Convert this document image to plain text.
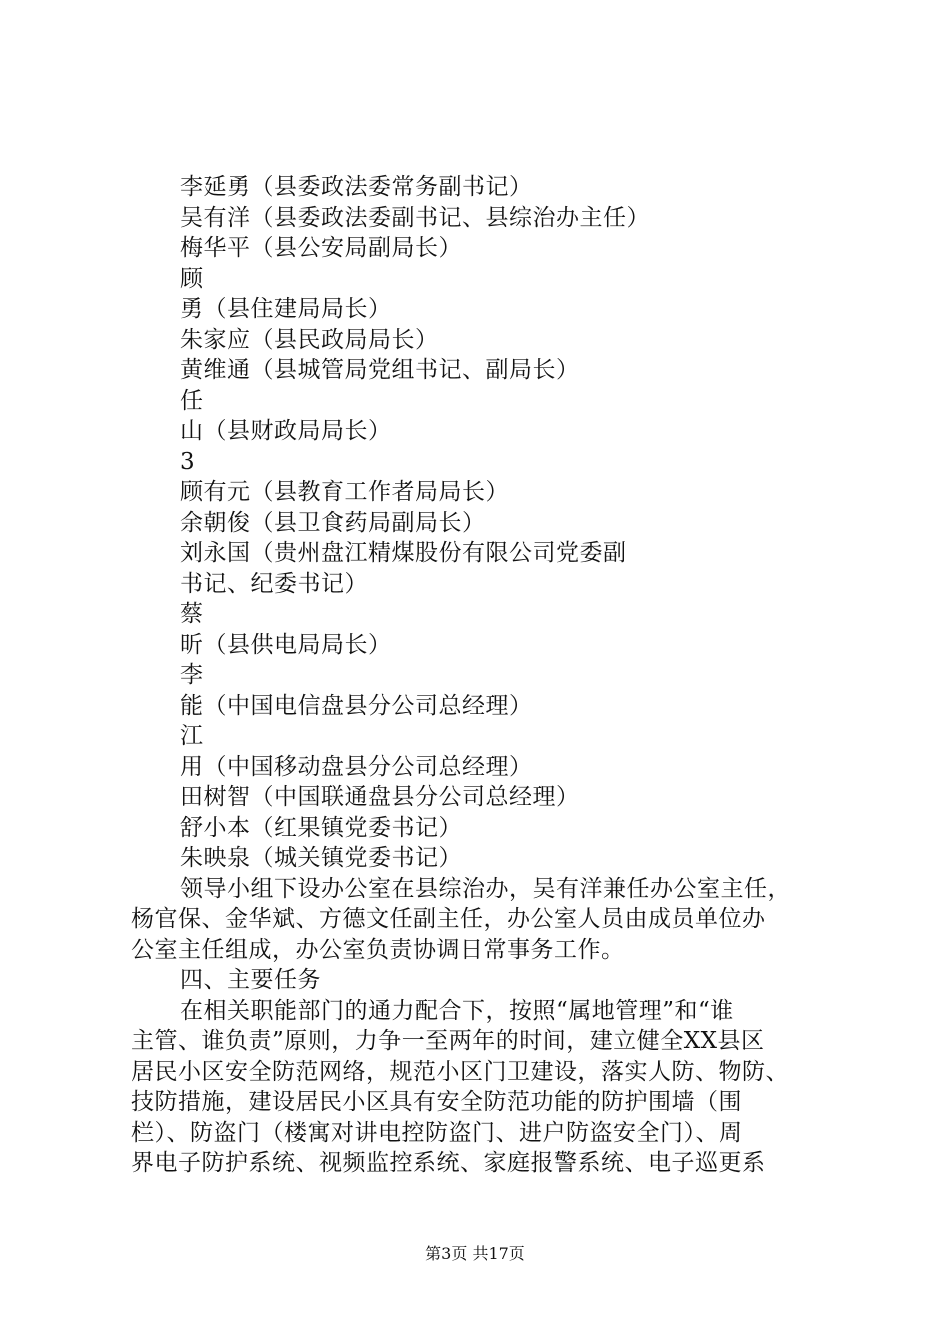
李延勇（县委政法委常务副书记）
吴有洋（县委政法委副书记、县综治办主任）
梅华平（县公安局副局长）
顾
勇（县住建局局长）
朱家应（县民政局局长）
黄维通（县城管局党组书记、副局长）
任
山（县财政局局长）
3
顾有元（县教育工作者局局长）
余朝俊（县卫食药局副局长）
刘永国（贵州盘江精煤股份有限公司党委副
书记、纪委书记）
蔡
昕（县供电局局长）
李
能（中国电信盘县分公司总经理）
江
用（中国移动盘县分公司总经理）
田树智（中国联通盘县分公司总经理）
舒小本（红果镇党委书记）
朱映泉（城关镇党委书记）
领导小组下设办公室在县综治办，吴有洋兼任办公室主任，
杨官保、金华斌、方德文任副主任，办公室人员由成员单位办
公室主任组成，办公室负责协调日常事务工作。
四、主要任务
在相关职能部门的通力配合下，按照“属地管理”和“谁
主管、谁负责”原则，力争一至两年的时间，建立健全XX县区
居民小区安全防范网络，规范小区门卫建设，落实人防、物防、
技防措施，建设居民小区具有安全防范功能的防护围墙（围
栏）、防盗门（楼寓对讲电控防盗门、进户防盗安全门）、周
界电子防护系统、视频监控系统、家庭报警系统、电子巡更系
第3页 共17页
